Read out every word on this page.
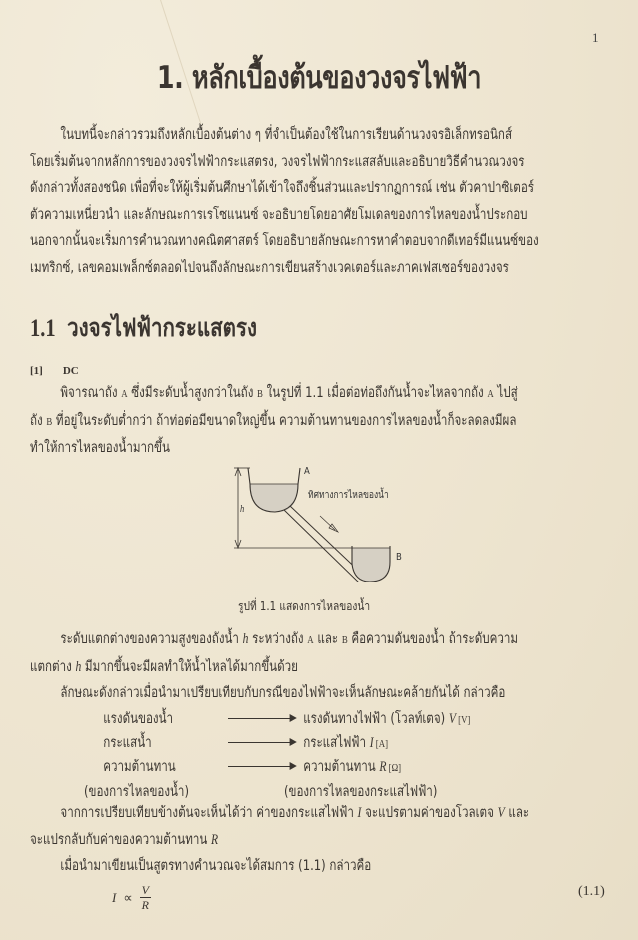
1
1. หลักเบื้องต้นของวงจรไฟฟ้า
ในบทนี้จะกล่าวรวมถึงหลักเบื้องต้นต่าง ๆ ที่จำเป็นต้องใช้ในการเรียนด้านวงจรอิเล็กทรอนิกส์
โดยเริ่มต้นจากหลักการของวงจรไฟฟ้ากระแสตรง, วงจรไฟฟ้ากระแสสลับและอธิบายวิธีคำนวณวงจร
ดังกล่าวทั้งสองชนิด เพื่อที่จะให้ผู้เริ่มต้นศึกษาได้เข้าใจถึงชิ้นส่วนและปรากฏการณ์ เช่น ตัวคาปาซิเตอร์
ตัวความเหนี่ยวนำ และลักษณะการเรโซแนนซ์ จะอธิบายโดยอาศัยโมเดลของการไหลของน้ำประกอบ
นอกจากนั้นจะเริ่มการคำนวณทางคณิตศาสตร์ โดยอธิบายลักษณะการหาคำตอบจากดีเทอร์มีแนนซ์ของ
เมทริกซ์, เลขคอมเพล็กซ์ตลอดไปจนถึงลักษณะการเขียนสร้างเวคเตอร์และภาคเฟสเซอร์ของวงจร
1.1 วงจรไฟฟ้ากระแสตรง
[1] DC
พิจารณาถัง A ซึ่งมีระดับน้ำสูงกว่าในถัง B ในรูปที่ 1.1 เมื่อต่อท่อถึงกันน้ำจะไหลจากถัง A ไปสู่
ถัง B ที่อยู่ในระดับต่ำกว่า ถ้าท่อต่อมีขนาดใหญ่ขึ้น ความต้านทานของการไหลของน้ำก็จะลดลงมีผล
ทำให้การไหลของน้ำมากขึ้น
A
B
h
ทิศทางการไหลของน้ำ
รูปที่ 1.1 แสดงการไหลของน้ำ
ระดับแตกต่างของความสูงของถังน้ำ h ระหว่างถัง A และ B คือความดันของน้ำ ถ้าระดับความ
แตกต่าง h มีมากขึ้นจะมีผลทำให้น้ำไหลได้มากขึ้นด้วย
ลักษณะดังกล่าวเมื่อนำมาเปรียบเทียบกับกรณีของไฟฟ้าจะเห็นลักษณะคล้ายกันได้ กล่าวคือ
แรงดันของน้ำ	แรงดันทางไฟฟ้า (โวลท์เตจ) V [V]
กระแสน้ำ	กระแสไฟฟ้า I [A]
ความต้านทาน	ความต้านทาน R [Ω]
(ของการไหลของน้ำ)	(ของการไหลของกระแสไฟฟ้า)
จากการเปรียบเทียบข้างต้นจะเห็นได้ว่า ค่าของกระแสไฟฟ้า I จะแปรตามค่าของโวลเตจ V และ
จะแปรกลับกับค่าของความต้านทาน R
เมื่อนำมาเขียนเป็นสูตรทางคำนวณจะได้สมการ (1.1) กล่าวคือ
$I \propto \frac{V}{R}$	(1.1)
